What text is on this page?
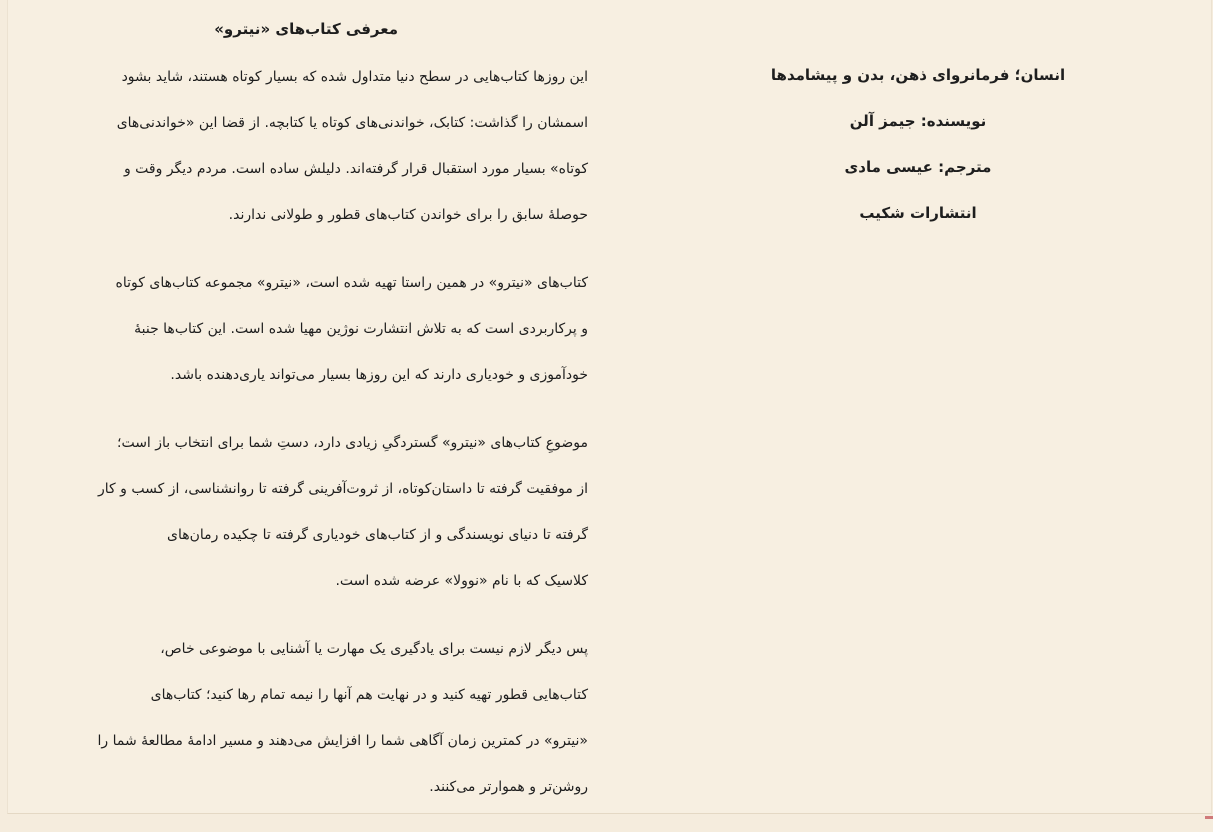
انسان؛ فرمانروای ذهن، بدن و پیشامدها
نویسنده: جیمز آلن
مترجم: عیسی مادی
انتشارات شکیب
معرفی کتاب‌های «نیترو»
این روزها کتاب‌هایی در سطح دنیا متداول شده که بسیار کوتاه هستند، شاید بشود
اسمشان را گذاشت: کتابک، خواندنی‌های کوتاه یا کتابچه. از قضا این «خواندنی‌های
کوتاه» بسیار مورد استقبال قرار گرفته‌اند. دلیلش ساده است. مردم دیگر وقت و
حوصلهٔ سابق را برای خواندن کتاب‌های قطور و طولانی ندارند.
کتاب‌های «نیترو» در همین راستا تهیه شده است، «نیترو» مجموعه کتاب‌های کوتاه
و پرکاربردی است که به تلاش انتشارت نوژین مهیا شده است. این کتاب‌ها جنبهٔ
خودآموزی و خودیاری دارند که این روزها بسیار می‌تواند یاری‌دهنده باشد.
موضوعِ کتاب‌های «نیترو» گستردگیِ زیادی دارد، دستِ شما برای انتخاب باز است؛
از موفقیت گرفته تا داستان‌کوتاه، از ثروت‌آفرینی گرفته تا روانشناسی، از کسب و کار
گرفته تا دنیای نویسندگی و از کتاب‌های خودیاری گرفته تا چکیده رمان‌های
کلاسیک که با نام «نوولا» عرضه شده است.
پس دیگر لازم نیست برای یادگیری یک مهارت یا آشنایی با موضوعی خاص،
کتاب‌هایی قطور تهیه کنید و در نهایت هم آنها را نیمه تمام رها کنید؛ کتاب‌های
«نیترو» در کمترین زمان آگاهی شما را افزایش می‌دهند و مسیر ادامهٔ مطالعهٔ شما را
روشن‌تر و هموارتر می‌کنند.
